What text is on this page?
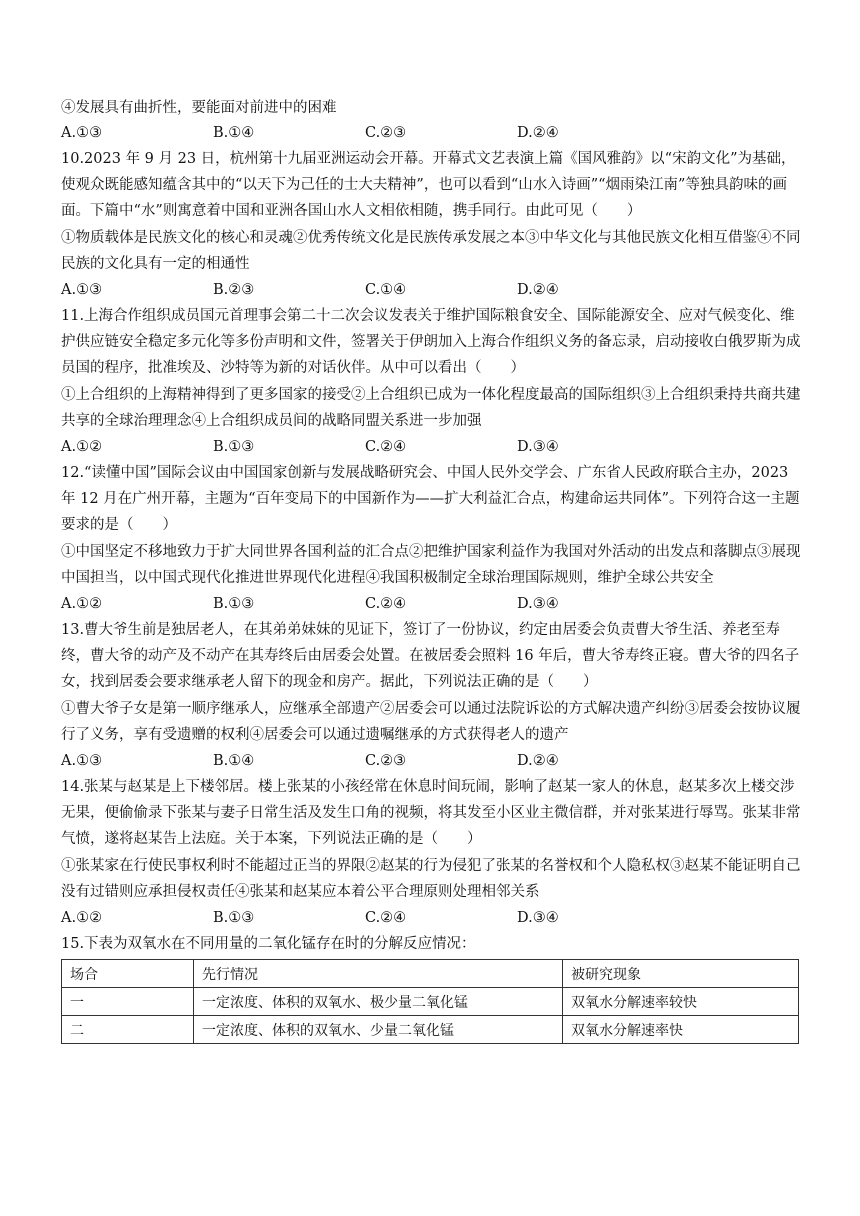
④发展具有曲折性，要能面对前进中的困难
A.①③	B.①④	C.②③	D.②④

10.2023 年 9 月 23 日，杭州第十九届亚洲运动会开幕。开幕式文艺表演上篇《国风雅韵》以“宋韵文化”为基础，使观众既能感知蕴含其中的“以天下为己任的士大夫精神”，也可以看到“山水入诗画”“烟雨染江南”等独具韵味的画面。下篇中“水”则寓意着中国和亚洲各国山水人文相依相随，携手同行。由此可见（　　）

①物质载体是民族文化的核心和灵魂②优秀传统文化是民族传承发展之本③中华文化与其他民族文化相互借鉴④不同民族的文化具有一定的相通性

A.①③	B.②③	C.①④	D.②④

11.上海合作组织成员国元首理事会第二十二次会议发表关于维护国际粮食安全、国际能源安全、应对气候变化、维护供应链安全稳定多元化等多份声明和文件，签署关于伊朗加入上海合作组织义务的备忘录，启动接收白俄罗斯为成员国的程序，批准埃及、沙特等为新的对话伙伴。从中可以看出（　　）

①上合组织的上海精神得到了更多国家的接受②上合组织已成为一体化程度最高的国际组织③上合组织秉持共商共建共享的全球治理理念④上合组织成员间的战略同盟关系进一步加强

A.①②	B.①③	C.②④	D.③④

12.“读懂中国”国际会议由中国国家创新与发展战略研究会、中国人民外交学会、广东省人民政府联合主办，2023 年 12 月在广州开幕，主题为“百年变局下的中国新作为——扩大利益汇合点，构建命运共同体”。下列符合这一主题要求的是（　　）

①中国坚定不移地致力于扩大同世界各国利益的汇合点②把维护国家利益作为我国对外活动的出发点和落脚点③展现中国担当，以中国式现代化推进世界现代化进程④我国积极制定全球治理国际规则，维护全球公共安全

A.①②	B.①③	C.②④	D.③④

13.曹大爷生前是独居老人，在其弟弟妹妹的见证下，签订了一份协议，约定由居委会负责曹大爷生活、养老至寿终，曹大爷的动产及不动产在其寿终后由居委会处置。在被居委会照料 16 年后，曹大爷寿终正寝。曹大爷的四名子女，找到居委会要求继承老人留下的现金和房产。据此，下列说法正确的是（　　）

①曹大爷子女是第一顺序继承人，应继承全部遗产②居委会可以通过法院诉讼的方式解决遗产纠纷③居委会按协议履行了义务，享有受遗赠的权利④居委会可以通过遗嘱继承的方式获得老人的遗产

A.①③	B.①④	C.②③	D.②④

14.张某与赵某是上下楼邻居。楼上张某的小孩经常在休息时间玩闹，影响了赵某一家人的休息，赵某多次上楼交涉无果，便偷偷录下张某与妻子日常生活及发生口角的视频，将其发至小区业主微信群，并对张某进行辱骂。张某非常气愤，遂将赵某告上法庭。关于本案，下列说法正确的是（　　）

①张某家在行使民事权利时不能超过正当的界限②赵某的行为侵犯了张某的名誉权和个人隐私权③赵某不能证明自己没有过错则应承担侵权责任④张某和赵某应本着公平合理原则处理相邻关系

A.①②	B.①③	C.②④	D.③④

15.下表为双氧水在不同用量的二氧化锰存在时的分解反应情况：

场合	先行情况	被研究现象
一	一定浓度、体积的双氧水、极少量二氧化锰	双氧水分解速率较快
二	一定浓度、体积的双氧水、少量二氧化锰	双氧水分解速率快
